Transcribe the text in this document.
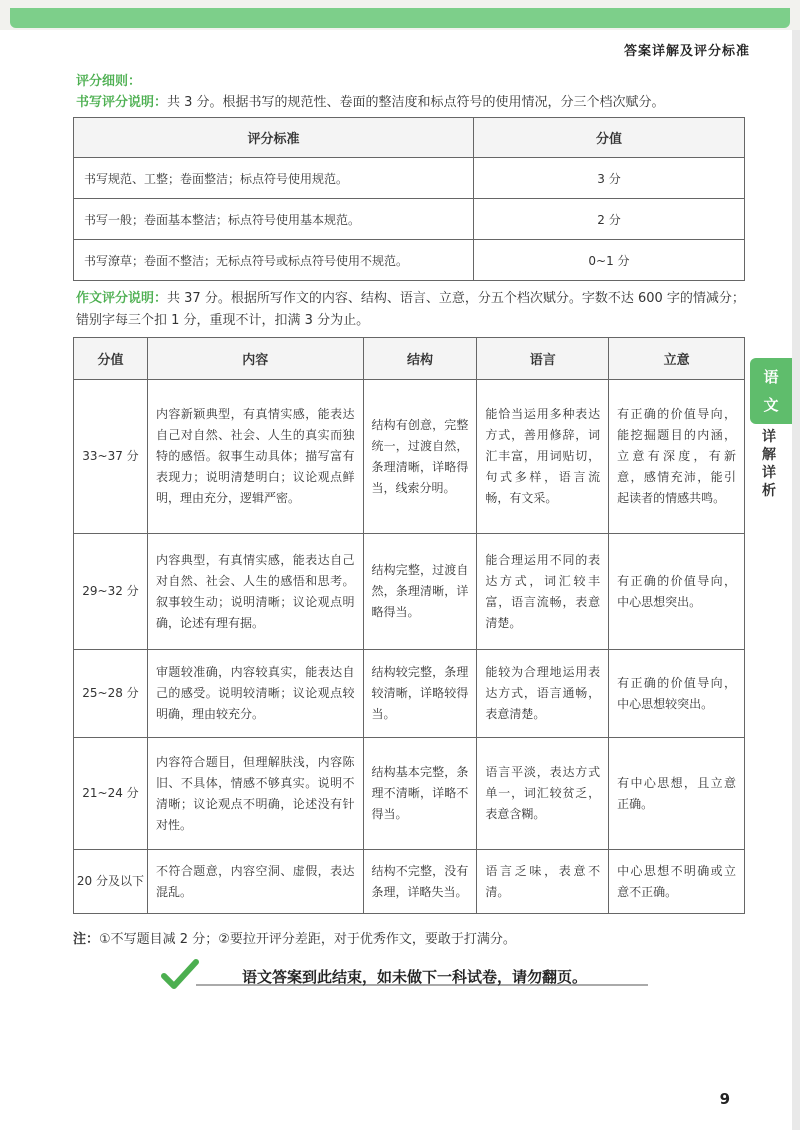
答案详解及评分标准
语
文
详
解
详
析
评分细则：
书写评分说明：共 3 分。根据书写的规范性、卷面的整洁度和标点符号的使用情况，分三个档次赋分。
评分标准	分值
书写规范、工整；卷面整洁；标点符号使用规范。	3 分
书写一般；卷面基本整洁；标点符号使用基本规范。	2 分
书写潦草；卷面不整洁；无标点符号或标点符号使用不规范。	0~1 分
作文评分说明：共 37 分。根据所写作文的内容、结构、语言、立意，分五个档次赋分。字数不达 600 字的情减分；错别字每三个扣 1 分，重现不计，扣满 3 分为止。
分值	内容	结构	语言	立意
33~37 分	内容新颖典型，有真情实感，能表达自己对自然、社会、人生的真实而独特的感悟。叙事生动具体；描写富有表现力；说明清楚明白；议论观点鲜明，理由充分，逻辑严密。	结构有创意，完整统一，过渡自然，条理清晰，详略得当，线索分明。	能恰当运用多种表达方式，善用修辞，词汇丰富，用词贴切，句式多样，语言流畅，有文采。	有正确的价值导向，能挖掘题目的内涵，立意有深度，有新意，感情充沛，能引起读者的情感共鸣。
29~32 分	内容典型，有真情实感，能表达自己对自然、社会、人生的感悟和思考。叙事较生动；说明清晰；议论观点明确，论述有理有据。	结构完整，过渡自然，条理清晰，详略得当。	能合理运用不同的表达方式，词汇较丰富，语言流畅，表意清楚。	有正确的价值导向，中心思想突出。
25~28 分	审题较准确，内容较真实，能表达自己的感受。说明较清晰；议论观点较明确，理由较充分。	结构较完整，条理较清晰，详略较得当。	能较为合理地运用表达方式，语言通畅，表意清楚。	有正确的价值导向，中心思想较突出。
21~24 分	内容符合题目，但理解肤浅，内容陈旧、不具体，情感不够真实。说明不清晰；议论观点不明确，论述没有针对性。	结构基本完整，条理不清晰，详略不得当。	语言平淡，表达方式单一，词汇较贫乏，表意含糊。	有中心思想，且立意正确。
20 分及以下	不符合题意，内容空洞、虚假，表达混乱。	结构不完整，没有条理，详略失当。	语言乏味，表意不清。	中心思想不明确或立意不正确。
注：①不写题目减 2 分；②要拉开评分差距，对于优秀作文，要敢于打满分。
语文答案到此结束，如未做下一科试卷，请勿翻页。
9
